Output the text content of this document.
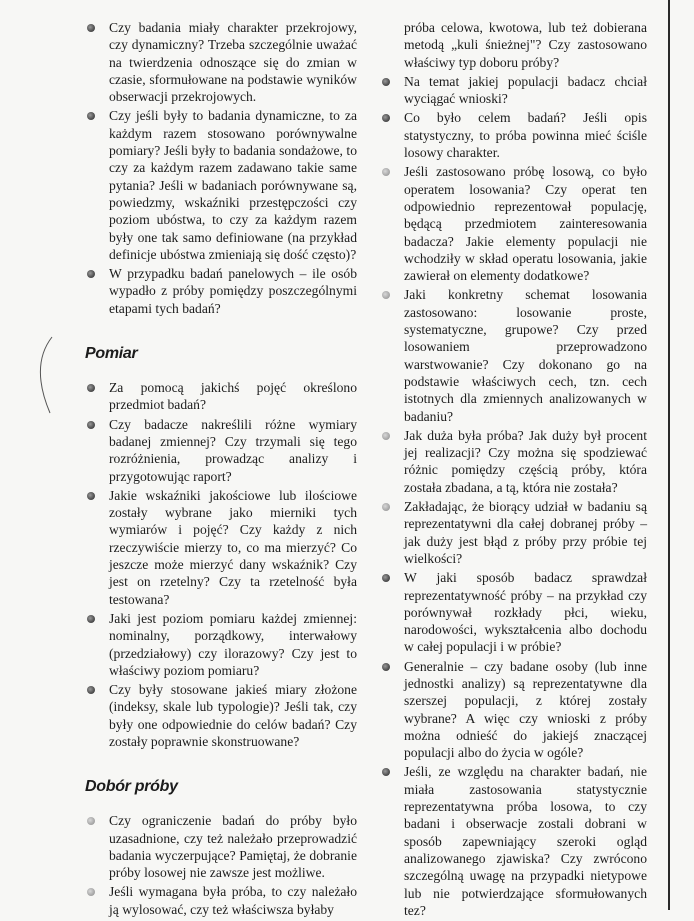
Czy badania miały charakter przekrojowy, czy dynamiczny? Trzeba szczególnie uważać na twierdzenia odnoszące się do zmian w czasie, sformułowane na podstawie wyników obserwacji przekrojowych.
Czy jeśli były to badania dynamiczne, to za każdym razem stosowano porównywalne pomiary? Jeśli były to badania sondażowe, to czy za każdym razem zadawano takie same pytania? Jeśli w badaniach porównywane są, powiedzmy, wskaźniki przestępczości czy poziom ubóstwa, to czy za każdym razem były one tak samo definiowane (na przykład definicje ubóstwa zmieniają się dość często)?
W przypadku badań panelowych – ile osób wypadło z próby pomiędzy poszczególnymi etapami tych badań?
Pomiar
Za pomocą jakichś pojęć określono przedmiot badań?
Czy badacze nakreślili różne wymiary badanej zmiennej? Czy trzymali się tego rozróżnienia, prowadząc analizy i przygotowując raport?
Jakie wskaźniki jakościowe lub ilościowe zostały wybrane jako mierniki tych wymiarów i pojęć? Czy każdy z nich rzeczywiście mierzy to, co ma mierzyć? Co jeszcze może mierzyć dany wskaźnik? Czy jest on rzetelny? Czy ta rzetelność była testowana?
Jaki jest poziom pomiaru każdej zmiennej: nominalny, porządkowy, interwałowy (przedziałowy) czy ilorazowy? Czy jest to właściwy poziom pomiaru?
Czy były stosowane jakieś miary złożone (indeksy, skale lub typologie)? Jeśli tak, czy były one odpowiednie do celów badań? Czy zostały poprawnie skonstruowane?
Dobór próby
Czy ograniczenie badań do próby było uzasadnione, czy też należało przeprowadzić badania wyczerpujące? Pamiętaj, że dobranie próby losowej nie zawsze jest możliwe.
Jeśli wymagana była próba, to czy należało ją wylosować, czy też właściwsza byłaby
próba celowa, kwotowa, lub też dobierana metodą „kuli śnieżnej"? Czy zastosowano właściwy typ doboru próby?
Na temat jakiej populacji badacz chciał wyciągać wnioski?
Co było celem badań? Jeśli opis statystyczny, to próba powinna mieć ściśle losowy charakter.
Jeśli zastosowano próbę losową, co było operatem losowania? Czy operat ten odpowiednio reprezentował populację, będącą przedmiotem zainteresowania badacza? Jakie elementy populacji nie wchodziły w skład operatu losowania, jakie zawierał on elementy dodatkowe?
Jaki konkretny schemat losowania zastosowano: losowanie proste, systematyczne, grupowe? Czy przed losowaniem przeprowadzono warstwowanie? Czy dokonano go na podstawie właściwych cech, tzn. cech istotnych dla zmiennych analizowanych w badaniu?
Jak duża była próba? Jak duży był procent jej realizacji? Czy można się spodziewać różnic pomiędzy częścią próby, która została zbadana, a tą, która nie została?
Zakładając, że biorący udział w badaniu są reprezentatywni dla całej dobranej próby – jak duży jest błąd z próby przy próbie tej wielkości?
W jaki sposób badacz sprawdzał reprezentatywność próby – na przykład czy porównywał rozkłady płci, wieku, narodowości, wykształcenia albo dochodu w całej populacji i w próbie?
Generalnie – czy badane osoby (lub inne jednostki analizy) są reprezentatywne dla szerszej populacji, z której zostały wybrane? A więc czy wnioski z próby można odnieść do jakiejś znaczącej populacji albo do życia w ogóle?
Jeśli, ze względu na charakter badań, nie miała zastosowania statystycznie reprezentatywna próba losowa, to czy badani i obserwacje zostali dobrani w sposób zapewniający szeroki ogląd analizowanego zjawiska? Czy zwrócono szczególną uwagę na przypadki nietypowe lub nie potwierdzające sformułowanych tez?
